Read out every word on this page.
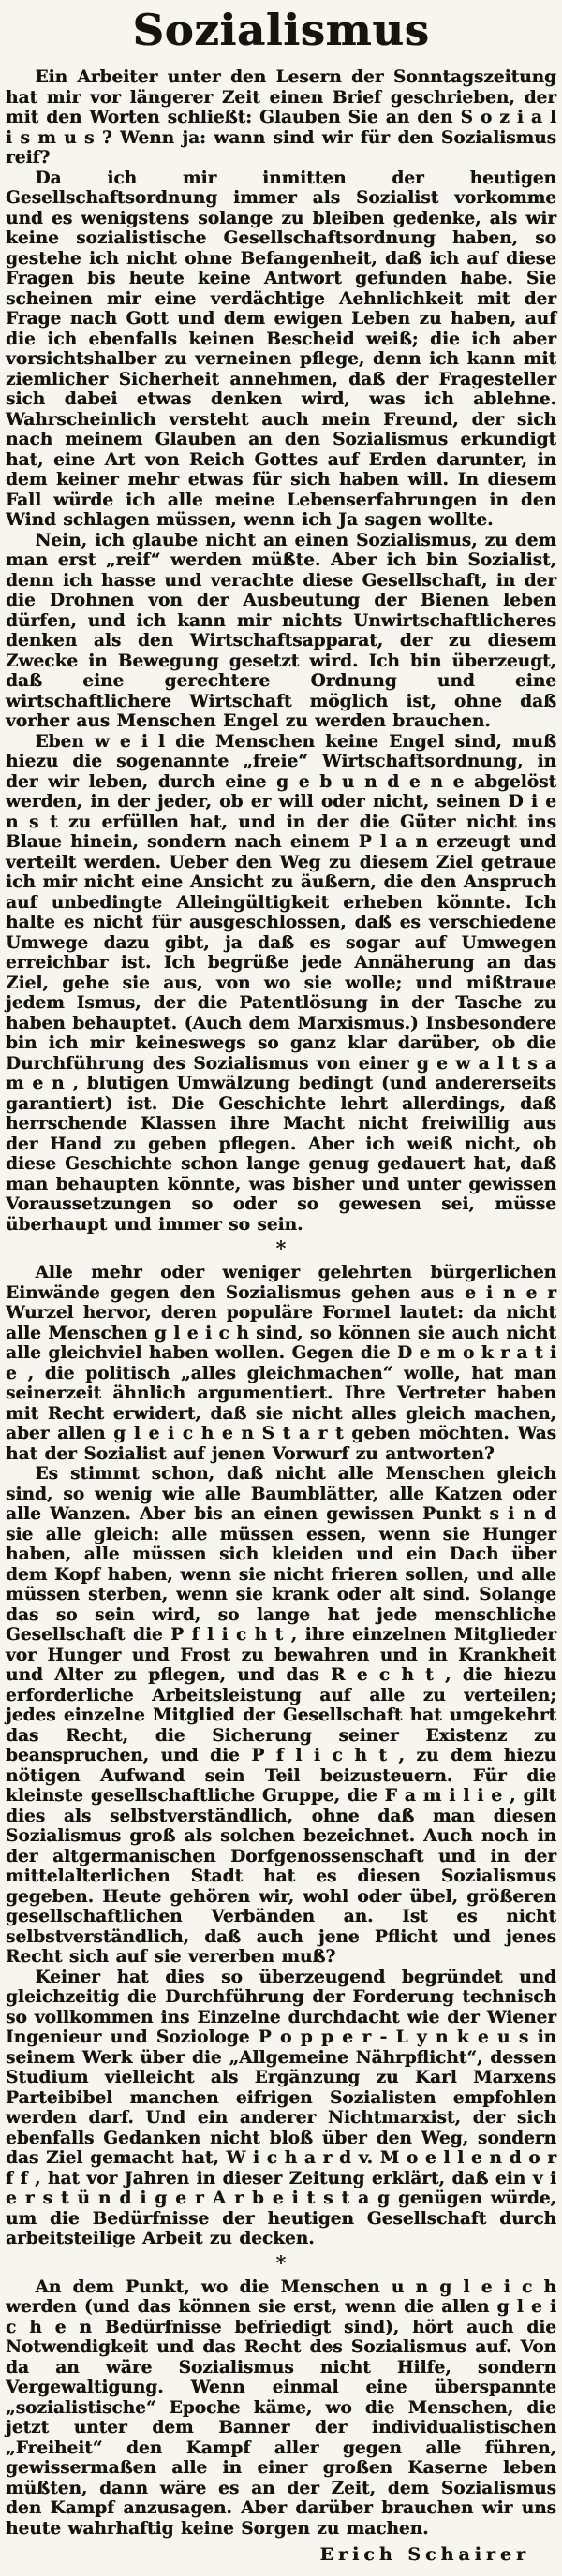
Sozialismus

Ein Arbeiter unter den Lesern der Sonntagszeitung hat mir vor längerer Zeit einen Brief geschrieben, der mit den Worten schließt: Glauben Sie an den S o z i a l i s m u s ? Wenn ja: wann sind wir für den Sozialismus reif?

Da ich mir inmitten der heutigen Gesellschaftsordnung immer als Sozialist vorkomme und es wenigstens solange zu bleiben gedenke, als wir keine sozialistische Gesellschaftsordnung haben, so gestehe ich nicht ohne Befangenheit, daß ich auf diese Fragen bis heute keine Antwort gefunden habe. Sie scheinen mir eine verdächtige Aehnlichkeit mit der Frage nach Gott und dem ewigen Leben zu haben, auf die ich ebenfalls keinen Bescheid weiß; die ich aber vorsichtshalber zu verneinen pflege, denn ich kann mit ziemlicher Sicherheit annehmen, daß der Fragesteller sich dabei etwas denken wird, was ich ablehne. Wahrscheinlich versteht auch mein Freund, der sich nach meinem Glauben an den Sozialismus erkundigt hat, eine Art von Reich Gottes auf Erden darunter, in dem keiner mehr etwas für sich haben will. In diesem Fall würde ich alle meine Lebenserfahrungen in den Wind schlagen müssen, wenn ich Ja sagen wollte.

Nein, ich glaube nicht an einen Sozialismus, zu dem man erst „reif“ werden müßte. Aber ich bin Sozialist, denn ich hasse und verachte diese Gesellschaft, in der die Drohnen von der Ausbeutung der Bienen leben dürfen, und ich kann mir nichts Unwirtschaftlicheres denken als den Wirtschaftsapparat, der zu diesem Zwecke in Bewegung gesetzt wird. Ich bin überzeugt, daß eine gerechtere Ordnung und eine wirtschaftlichere Wirtschaft möglich ist, ohne daß vorher aus Menschen Engel zu werden brauchen.

Eben w e i l die Menschen keine Engel sind, muß hiezu die sogenannte „freie“ Wirtschaftsordnung, in der wir leben, durch eine g e b u n d e n e abgelöst werden, in der jeder, ob er will oder nicht, seinen D i e n s t zu erfüllen hat, und in der die Güter nicht ins Blaue hinein, sondern nach einem P l a n erzeugt und verteilt werden. Ueber den Weg zu diesem Ziel getraue ich mir nicht eine Ansicht zu äußern, die den Anspruch auf unbedingte Alleingültigkeit erheben könnte. Ich halte es nicht für ausgeschlossen, daß es verschiedene Umwege dazu gibt, ja daß es sogar auf Umwegen erreichbar ist. Ich begrüße jede Annäherung an das Ziel, gehe sie aus, von wo sie wolle; und mißtraue jedem Ismus, der die Patentlösung in der Tasche zu haben behauptet. (Auch dem Marxismus.) Insbesondere bin ich mir keineswegs so ganz klar darüber, ob die Durchführung des Sozialismus von einer g e w a l t s a m e n , blutigen Umwälzung bedingt (und andererseits garantiert) ist. Die Geschichte lehrt allerdings, daß herrschende Klassen ihre Macht nicht freiwillig aus der Hand zu geben pflegen. Aber ich weiß nicht, ob diese Geschichte schon lange genug gedauert hat, daß man behaupten könnte, was bisher und unter gewissen Voraussetzungen so oder so gewesen sei, müsse überhaupt und immer so sein.

*

Alle mehr oder weniger gelehrten bürgerlichen Einwände gegen den Sozialismus gehen aus e i n e r Wurzel hervor, deren populäre Formel lautet: da nicht alle Menschen g l e i c h sind, so können sie auch nicht alle gleichviel haben wollen. Gegen die D e m o k r a t i e , die politisch „alles gleichmachen“ wolle, hat man seinerzeit ähnlich argumentiert. Ihre Vertreter haben mit Recht erwidert, daß sie nicht alles gleich machen, aber allen g l e i c h e n S t a r t geben möchten. Was hat der Sozialist auf jenen Vorwurf zu antworten?

Es stimmt schon, daß nicht alle Menschen gleich sind, so wenig wie alle Baumblätter, alle Katzen oder alle Wanzen. Aber bis an einen gewissen Punkt s i n d sie alle gleich: alle müssen essen, wenn sie Hunger haben, alle müssen sich kleiden und ein Dach über dem Kopf haben, wenn sie nicht frieren sollen, und alle müssen sterben, wenn sie krank oder alt sind. Solange das so sein wird, so lange hat jede menschliche Gesellschaft die P f l i c h t , ihre einzelnen Mitglieder vor Hunger und Frost zu bewahren und in Krankheit und Alter zu pflegen, und das R e c h t , die hiezu erforderliche Arbeitsleistung auf alle zu verteilen; jedes einzelne Mitglied der Gesellschaft hat umgekehrt das Recht, die Sicherung seiner Existenz zu beanspruchen, und die P f l i c h t , zu dem hiezu nötigen Aufwand sein Teil beizusteuern. Für die kleinste gesellschaftliche Gruppe, die F a m i l i e , gilt dies als selbstverständlich, ohne daß man diesen Sozialismus groß als solchen bezeichnet. Auch noch in der altgermanischen Dorfgenossenschaft und in der mittelalterlichen Stadt hat es diesen Sozialismus gegeben. Heute gehören wir, wohl oder übel, größeren gesellschaftlichen Verbänden an. Ist es nicht selbstverständlich, daß auch jene Pflicht und jenes Recht sich auf sie vererben muß?

Keiner hat dies so überzeugend begründet und gleichzeitig die Durchführung der Forderung technisch so vollkommen ins Einzelne durchdacht wie der Wiener Ingenieur und Soziologe P o p p e r - L y n k e u s in seinem Werk über die „Allgemeine Nährpflicht“, dessen Studium vielleicht als Ergänzung zu Karl Marxens Parteibibel manchen eifrigen Sozialisten empfohlen werden darf. Und ein anderer Nichtmarxist, der sich ebenfalls Gedanken nicht bloß über den Weg, sondern das Ziel gemacht hat, W i c h a r d v. M o e l l e n d o r f f , hat vor Jahren in dieser Zeitung erklärt, daß ein v i e r s t ü n d i g e r A r b e i t s t a g genügen würde, um die Bedürfnisse der heutigen Gesellschaft durch arbeitsteilige Arbeit zu decken.

*

An dem Punkt, wo die Menschen u n g l e i c h werden (und das können sie erst, wenn die allen g l e i c h e n Bedürfnisse befriedigt sind), hört auch die Notwendigkeit und das Recht des Sozialismus auf. Von da an wäre Sozialismus nicht Hilfe, sondern Vergewaltigung. Wenn einmal eine überspannte „sozialistische“ Epoche käme, wo die Menschen, die jetzt unter dem Banner der individualistischen „Freiheit“ den Kampf aller gegen alle führen, gewissermaßen alle in einer großen Kaserne leben müßten, dann wäre es an der Zeit, dem Sozialismus den Kampf anzusagen. Aber darüber brauchen wir uns heute wahrhaftig keine Sorgen zu machen.

Erich Schairer
